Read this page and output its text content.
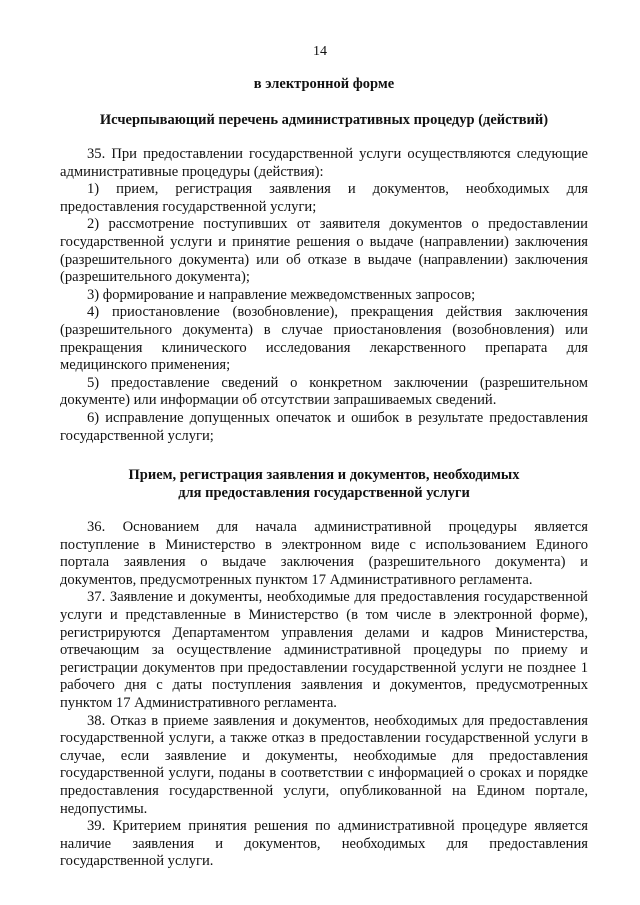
14
в электронной форме
Исчерпывающий перечень административных процедур (действий)

35. При предоставлении государственной услуги осуществляются следующие административные процедуры (действия):

1) прием, регистрация заявления и документов, необходимых для предоставления государственной услуги;

2) рассмотрение поступивших от заявителя документов о предоставлении государственной услуги и принятие решения о выдаче (направлении) заключения (разрешительного документа) или об отказе в выдаче (направлении) заключения (разрешительного документа);

3) формирование и направление межведомственных запросов;

4) приостановление (возобновление), прекращения действия заключения (разрешительного документа) в случае приостановления (возобновления) или прекращения клинического исследования лекарственного препарата для медицинского применения;

5) предоставление сведений о конкретном заключении (разрешительном документе) или информации об отсутствии запрашиваемых сведений.

6) исправление допущенных опечаток и ошибок в результате предоставления государственной услуги;

Прием, регистрация заявления и документов, необходимых
для предоставления государственной услуги

36. Основанием для начала административной процедуры является поступление в Министерство в электронном виде с использованием Единого портала заявления о выдаче заключения (разрешительного документа) и документов, предусмотренных пунктом 17 Административного регламента.

37. Заявление и документы, необходимые для предоставления государственной услуги и представленные в Министерство (в том числе в электронной форме), регистрируются Департаментом управления делами и кадров Министерства, отвечающим за осуществление административной процедуры по приему и регистрации документов при предоставлении государственной услуги не позднее 1 рабочего дня с даты поступления заявления и документов, предусмотренных пунктом 17 Административного регламента.

38. Отказ в приеме заявления и документов, необходимых для предоставления государственной услуги, а также отказ в предоставлении государственной услуги в случае, если заявление и документы, необходимые для предоставления государственной услуги, поданы в соответствии с информацией о сроках и порядке предоставления государственной услуги, опубликованной на Едином портале, недопустимы.

39. Критерием принятия решения по административной процедуре является наличие заявления и документов, необходимых для предоставления государственной услуги.
